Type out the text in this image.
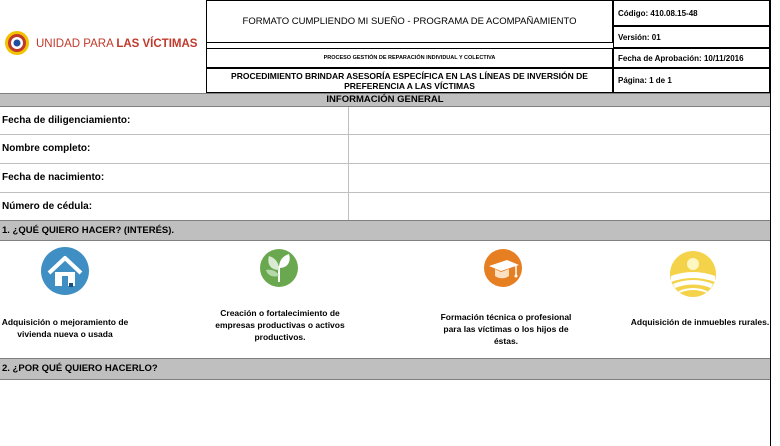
UNIDAD PARA LAS VÍCTIMAS
FORMATO CUMPLIENDO MI SUEÑO - PROGRAMA DE ACOMPAÑAMIENTO
PROCESO GESTIÓN DE REPARACIÓN INDIVIDUAL Y COLECTIVA
PROCEDIMIENTO BRINDAR ASESORÍA ESPECÍFICA EN LAS LÍNEAS DE INVERSIÓN DE PREFERENCIA A LAS VÍCTIMAS
Código: 410.08.15-48
Versión: 01
Fecha de Aprobación: 10/11/2016
Página: 1 de 1
INFORMACIÓN GENERAL
Fecha de diligenciamiento:
Nombre completo:
Fecha de nacimiento:
Número de cédula:
1. ¿QUÉ QUIERO HACER? (INTERÉS).
Adquisición o mejoramiento de vivienda nueva o usada
Creación o fortalecimiento de empresas productivas o activos productivos.
Formación técnica o profesional para las víctimas o los hijos de éstas.
Adquisición de inmuebles rurales.
2. ¿POR QUÉ QUIERO HACERLO?
